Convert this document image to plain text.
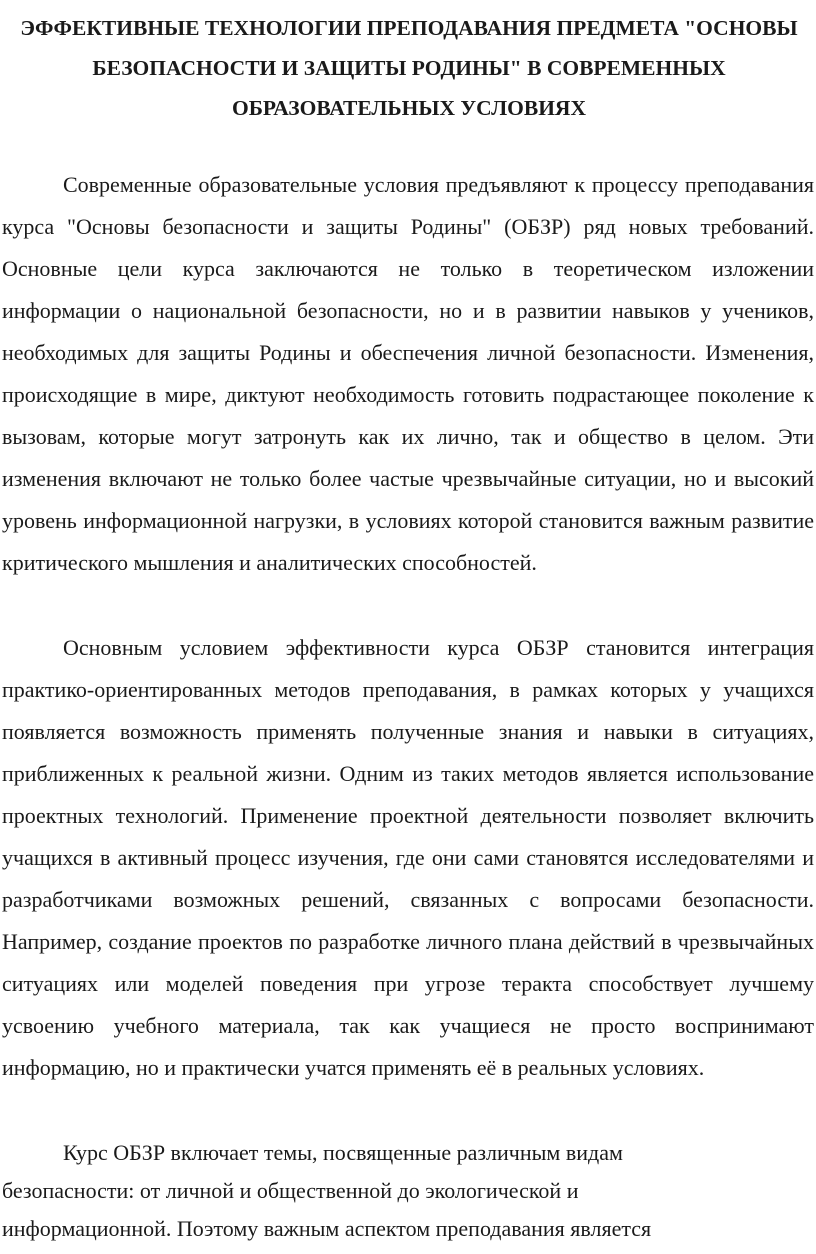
ЭФФЕКТИВНЫЕ ТЕХНОЛОГИИ ПРЕПОДАВАНИЯ ПРЕДМЕТА "ОСНОВЫ БЕЗОПАСНОСТИ И ЗАЩИТЫ РОДИНЫ" В СОВРЕМЕННЫХ ОБРАЗОВАТЕЛЬНЫХ УСЛОВИЯХ

Современные образовательные условия предъявляют к процессу преподавания курса "Основы безопасности и защиты Родины" (ОБЗР) ряд новых требований. Основные цели курса заключаются не только в теоретическом изложении информации о национальной безопасности, но и в развитии навыков у учеников, необходимых для защиты Родины и обеспечения личной безопасности. Изменения, происходящие в мире, диктуют необходимость готовить подрастающее поколение к вызовам, которые могут затронуть как их лично, так и общество в целом. Эти изменения включают не только более частые чрезвычайные ситуации, но и высокий уровень информационной нагрузки, в условиях которой становится важным развитие критического мышления и аналитических способностей.

Основным условием эффективности курса ОБЗР становится интеграция практико-ориентированных методов преподавания, в рамках которых у учащихся появляется возможность применять полученные знания и навыки в ситуациях, приближенных к реальной жизни. Одним из таких методов является использование проектных технологий. Применение проектной деятельности позволяет включить учащихся в активный процесс изучения, где они сами становятся исследователями и разработчиками возможных решений, связанных с вопросами безопасности. Например, создание проектов по разработке личного плана действий в чрезвычайных ситуациях или моделей поведения при угрозе теракта способствует лучшему усвоению учебного материала, так как учащиеся не просто воспринимают информацию, но и практически учатся применять её в реальных условиях.

Курс ОБЗР включает темы, посвященные различным видам безопасности: от личной и общественной до экологической и информационной. Поэтому важным аспектом преподавания является
